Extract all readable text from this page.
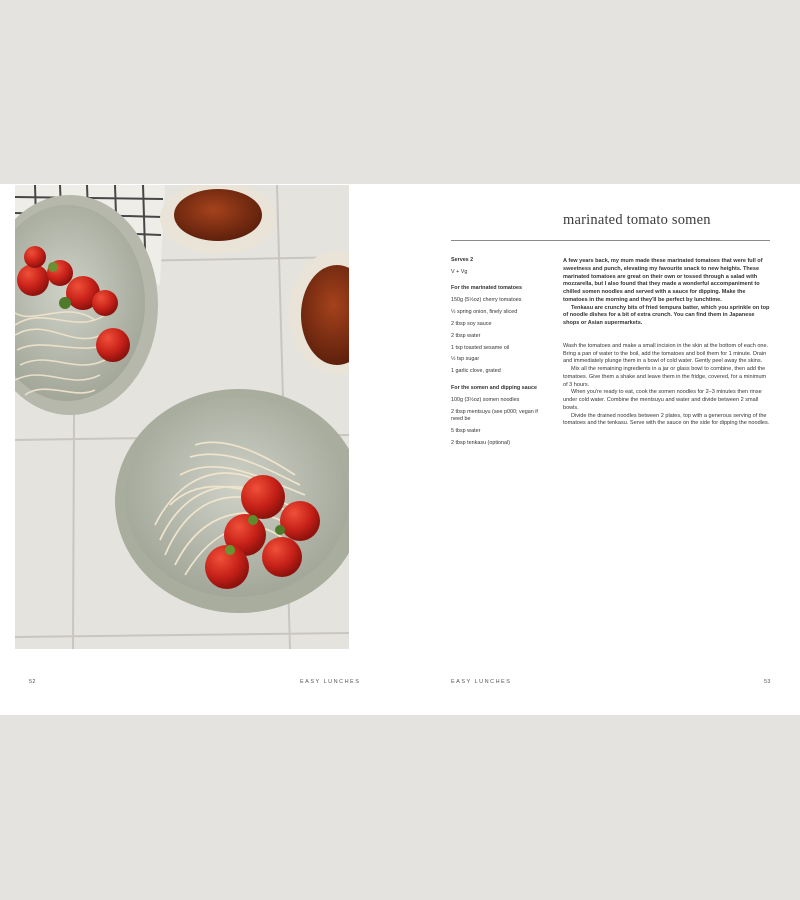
52	EASY LUNCHES
marinated tomato somen
Serves 2
V + Vg
For the marinated tomatoes
150g (5½oz) cherry tomatoes
½ spring onion, finely sliced
2 tbsp soy sauce
2 tbsp water
1 tsp toasted sesame oil
½ tsp sugar
1 garlic clove, grated
For the somen and dipping sauce
100g (3½oz) somen noodles
2 tbsp mentsuyu (see p000; vegan if need be
5 tbsp water
2 tbsp tenkasu (optional)

A few years back, my mum made these marinated tomatoes that were full of sweetness and punch, elevating my favourite snack to new heights. These marinated tomatoes are great on their own or tossed through a salad with mozzarella, but I also found that they made a wonderful accompaniment to chilled somen noodles and served with a sauce for dipping. Make the tomatoes in the morning and they'll be perfect by lunchtime.

Tenkasu are crunchy bits of fried tempura batter, which you sprinkle on top of noodle dishes for a bit of extra crunch. You can find them in Japanese shops or Asian supermarkets.

Wash the tomatoes and make a small incision in the skin at the bottom of each one. Bring a pan of water to the boil, add the tomatoes and boil them for 1 minute. Drain and immediately plunge them in a bowl of cold water. Gently peel away the skins.

Mix all the remaining ingredients in a jar or glass bowl to combine, then add the tomatoes. Give them a shake and leave them in the fridge, covered, for a minimum of 3 hours.

When you're ready to eat, cook the somen noodles for 2–3 minutes then rinse under cold water. Combine the mentsuyu and water and divide between 2 small bowls.

Divide the drained noodles between 2 plates, top with a generous serving of the tomatoes and the tenkasu. Serve with the sauce on the side for dipping the noodles.

EASY LUNCHES	53
